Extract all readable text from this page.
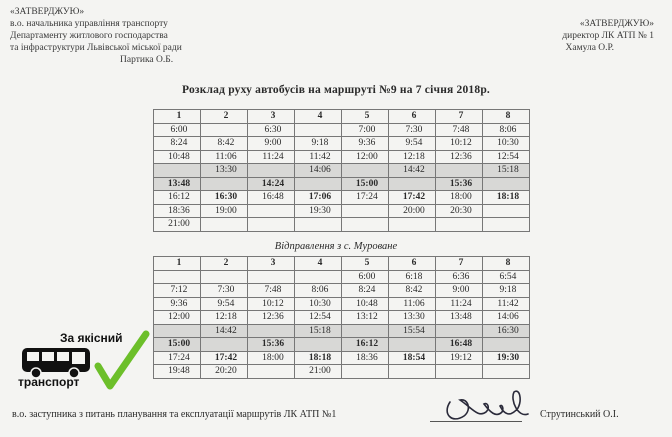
«ЗАТВЕРДЖУЮ»
в.о. начальника управління транспорту
Департаменту житлового господарства
та інфраструктури Львівської міської ради
Партика О.Б.
«ЗАТВЕРДЖУЮ»
директор ЛК АТП № 1
Хамула О.Р.
Розклад руху автобусів на маршруті №9 на 7 січня 2018р.
1	2	3	4	5	6	7	8
6:00		6:30		7:00	7:30	7:48	8:06
8:24	8:42	9:00	9:18	9:36	9:54	10:12	10:30
10:48	11:06	11:24	11:42	12:00	12:18	12:36	12:54
	13:30		14:06		14:42		15:18
13:48		14:24		15:00		15:36	
16:12	16:30	16:48	17:06	17:24	17:42	18:00	18:18
18:36	19:00		19:30		20:00	20:30	
21:00							
Відправлення з с. Муроване
1	2	3	4	5	6	7	8
				6:00	6:18	6:36	6:54
7:12	7:30	7:48	8:06	8:24	8:42	9:00	9:18
9:36	9:54	10:12	10:30	10:48	11:06	11:24	11:42
12:00	12:18	12:36	12:54	13:12	13:30	13:48	14:06
	14:42		15:18		15:54		16:30
15:00		15:36		16:12		16:48	
17:24	17:42	18:00	18:18	18:36	18:54	19:12	19:30
19:48	20:20		21:00				
За якісний
транспорт
в.о. заступника з питань планування та експлуатації маршрутів ЛК АТП №1	Струтинський О.І.
